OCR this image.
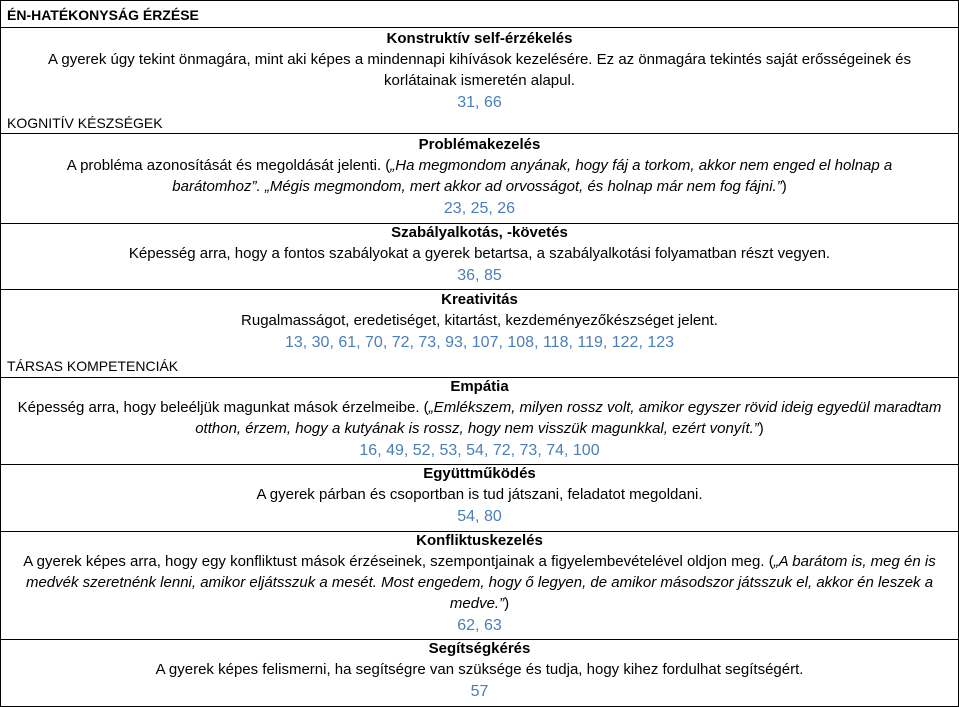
ÉN-HATÉKONYSÁG ÉRZÉSE
Konstruktív self-érzékelés
A gyerek úgy tekint önmagára, mint aki képes a mindennapi kihívások kezelésére. Ez az önmagára tekintés saját erősségeinek és
korlátainak ismeretén alapul.
31, 66
KOGNITÍV KÉSZSÉGEK
Problémakezelés
A probléma azonosítását és megoldását jelenti. („Ha megmondom anyának, hogy fáj a torkom, akkor nem enged el holnap a
barátomhoz”. „Mégis megmondom, mert akkor ad orvosságot, és holnap már nem fog fájni.”)
23, 25, 26
Szabályalkotás, -követés
Képesség arra, hogy a fontos szabályokat a gyerek betartsa, a szabályalkotási folyamatban részt vegyen.
36, 85
Kreativitás
Rugalmasságot, eredetiséget, kitartást, kezdeményezőkészséget jelent.
13, 30, 61, 70, 72, 73, 93, 107, 108, 118, 119, 122, 123
TÁRSAS KOMPETENCIÁK
Empátia
Képesség arra, hogy beleéljük magunkat mások érzelmeibe. („Emlékszem, milyen rossz volt, amikor egyszer rövid ideig egyedül maradtam
otthon, érzem, hogy a kutyának is rossz, hogy nem visszük magunkkal, ezért vonyít.”)
16, 49, 52, 53, 54, 72, 73, 74, 100
Együttműködés
A gyerek párban és csoportban is tud játszani, feladatot megoldani.
54, 80
Konfliktuskezelés
A gyerek képes arra, hogy egy konfliktust mások érzéseinek, szempontjainak a figyelembevételével oldjon meg. („A barátom is, meg én is
medvék szeretnénk lenni, amikor eljátsszuk a mesét. Most engedem, hogy ő legyen, de amikor másodszor játsszuk el, akkor én leszek a
medve.”)
62, 63
Segítségkérés
A gyerek képes felismerni, ha segítségre van szüksége és tudja, hogy kihez fordulhat segítségért.
57
